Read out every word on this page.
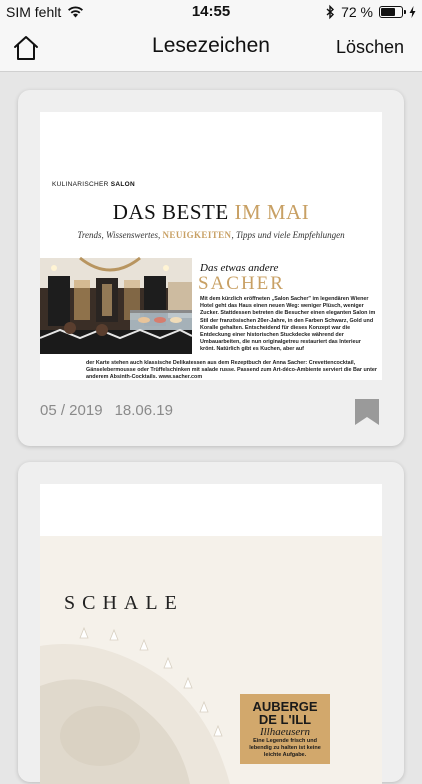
SIM fehlt	14:55	72 %
Lesezeichen	Löschen
KULINARISCHER SALON
DAS BESTE IM MAI
Trends, Wissenswertes, NEUIGKEITEN, Tipps und viele Empfehlungen
Das etwas andere
SACHER
Mit dem kürzlich eröffneten „Salon Sacher" im legendären Wiener Hotel geht das Haus einen neuen Weg: weniger Plüsch, weniger Zucker. Stattdessen betreten die Besucher einen eleganten Salon im Stil der französischen 20er-Jahre, in den Farben Schwarz, Gold und Koralle gehalten. Entscheidend für dieses Konzept war die Entdeckung einer historischen Stuckdecke während der Umbauarbeiten, die nun originalgetreu restauriert das Interieur krönt. Natürlich gibt es Kuchen, aber auf
der Karte stehen auch klassische Delikatessen aus dem Rezeptbuch der Anna Sacher: Crevettencocktail, Gänseleberm​ousse oder Trüffelschinken mit salade russe. Passend zum Art-déco-Ambiente serviert die Bar unter anderem Absinth-Cocktails. www.sacher.com
05 / 2019 18.06.19
SCHALE
AUBERGE
DE L'ILL
Illhaeusern
Eine Legende frisch und lebendig zu halten ist keine leichte Aufgabe.
